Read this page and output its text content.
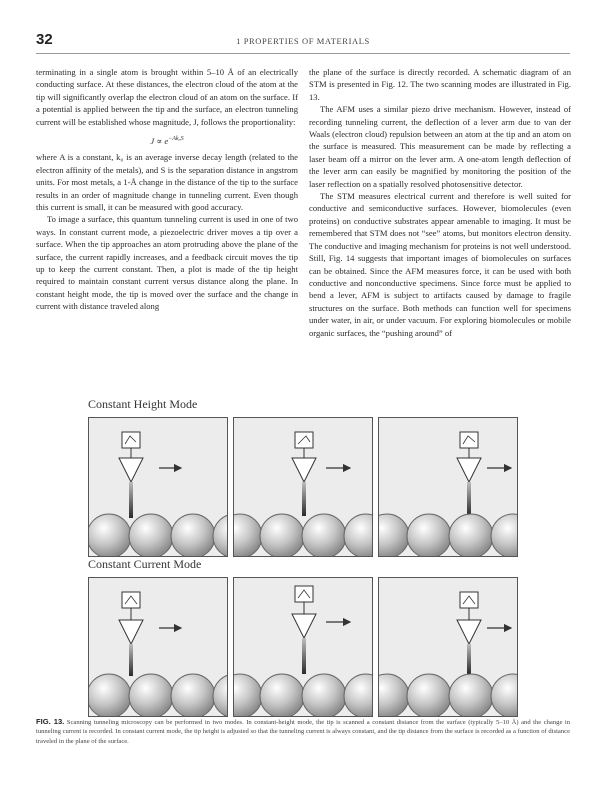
32	1 PROPERTIES OF MATERIALS

terminating in a single atom is brought within 5–10 Å of an electrically conducting surface. At these distances, the electron cloud of the atom at the tip will significantly overlap the electron cloud of an atom on the surface. If a potential is applied between the tip and the surface, an electron tunneling current will be established whose magnitude, J, follows the proportionality:

$J \propto e^{-Ak_0S}$

where A is a constant, k₀ is an average inverse decay length (related to the electron affinity of the metals), and S is the separation distance in angstrom units. For most metals, a 1-Å change in the distance of the tip to the surface results in an order of magnitude change in tunneling current. Even though this current is small, it can be measured with good accuracy.

To image a surface, this quantum tunneling current is used in one of two ways. In constant current mode, a piezoelectric driver moves a tip over a surface. When the tip approaches an atom protruding above the plane of the surface, the current rapidly increases, and a feedback circuit moves the tip up to keep the current constant. Then, a plot is made of the tip height required to maintain constant current versus distance along the plane. In constant height mode, the tip is moved over the surface and the change in current with distance traveled along

the plane of the surface is directly recorded. A schematic diagram of an STM is presented in Fig. 12. The two scanning modes are illustrated in Fig. 13.

The AFM uses a similar piezo drive mechanism. However, instead of recording tunneling current, the deflection of a lever arm due to van der Waals (electron cloud) repulsion between an atom at the tip and an atom on the surface is measured. This measurement can be made by reflecting a laser beam off a mirror on the lever arm. A one-atom length deflection of the lever arm can easily be magnified by monitoring the position of the laser reflection on a spatially resolved photosensitive detector.

The STM measures electrical current and therefore is well suited for conductive and semiconductive surfaces. However, biomolecules (even proteins) on conductive substrates appear amenable to imaging. It must be remembered that STM does not “see” atoms, but monitors electron density. The conductive and imaging mechanism for proteins is not well understood. Still, Fig. 14 suggests that important images of biomolecules on surfaces can be obtained. Since the AFM measures force, it can be used with both conductive and nonconductive specimens. Since force must be applied to bend a lever, AFM is subject to artifacts caused by damage to fragile structures on the surface. Both methods can function well for specimens under water, in air, or under vacuum. For exploring biomolecules or mobile organic surfaces, the “pushing around” of

Constant Height Mode
Constant Current Mode
FIG. 13. Scanning tunneling microscopy can be performed in two modes. In constant-height mode, the tip is scanned a constant distance from the surface (typically 5–10 Å) and the change in tunneling current is recorded. In constant current mode, the tip height is adjusted so that the tunneling current is always constant, and the tip distance from the surface is recorded as a function of distance traveled in the plane of the surface.
